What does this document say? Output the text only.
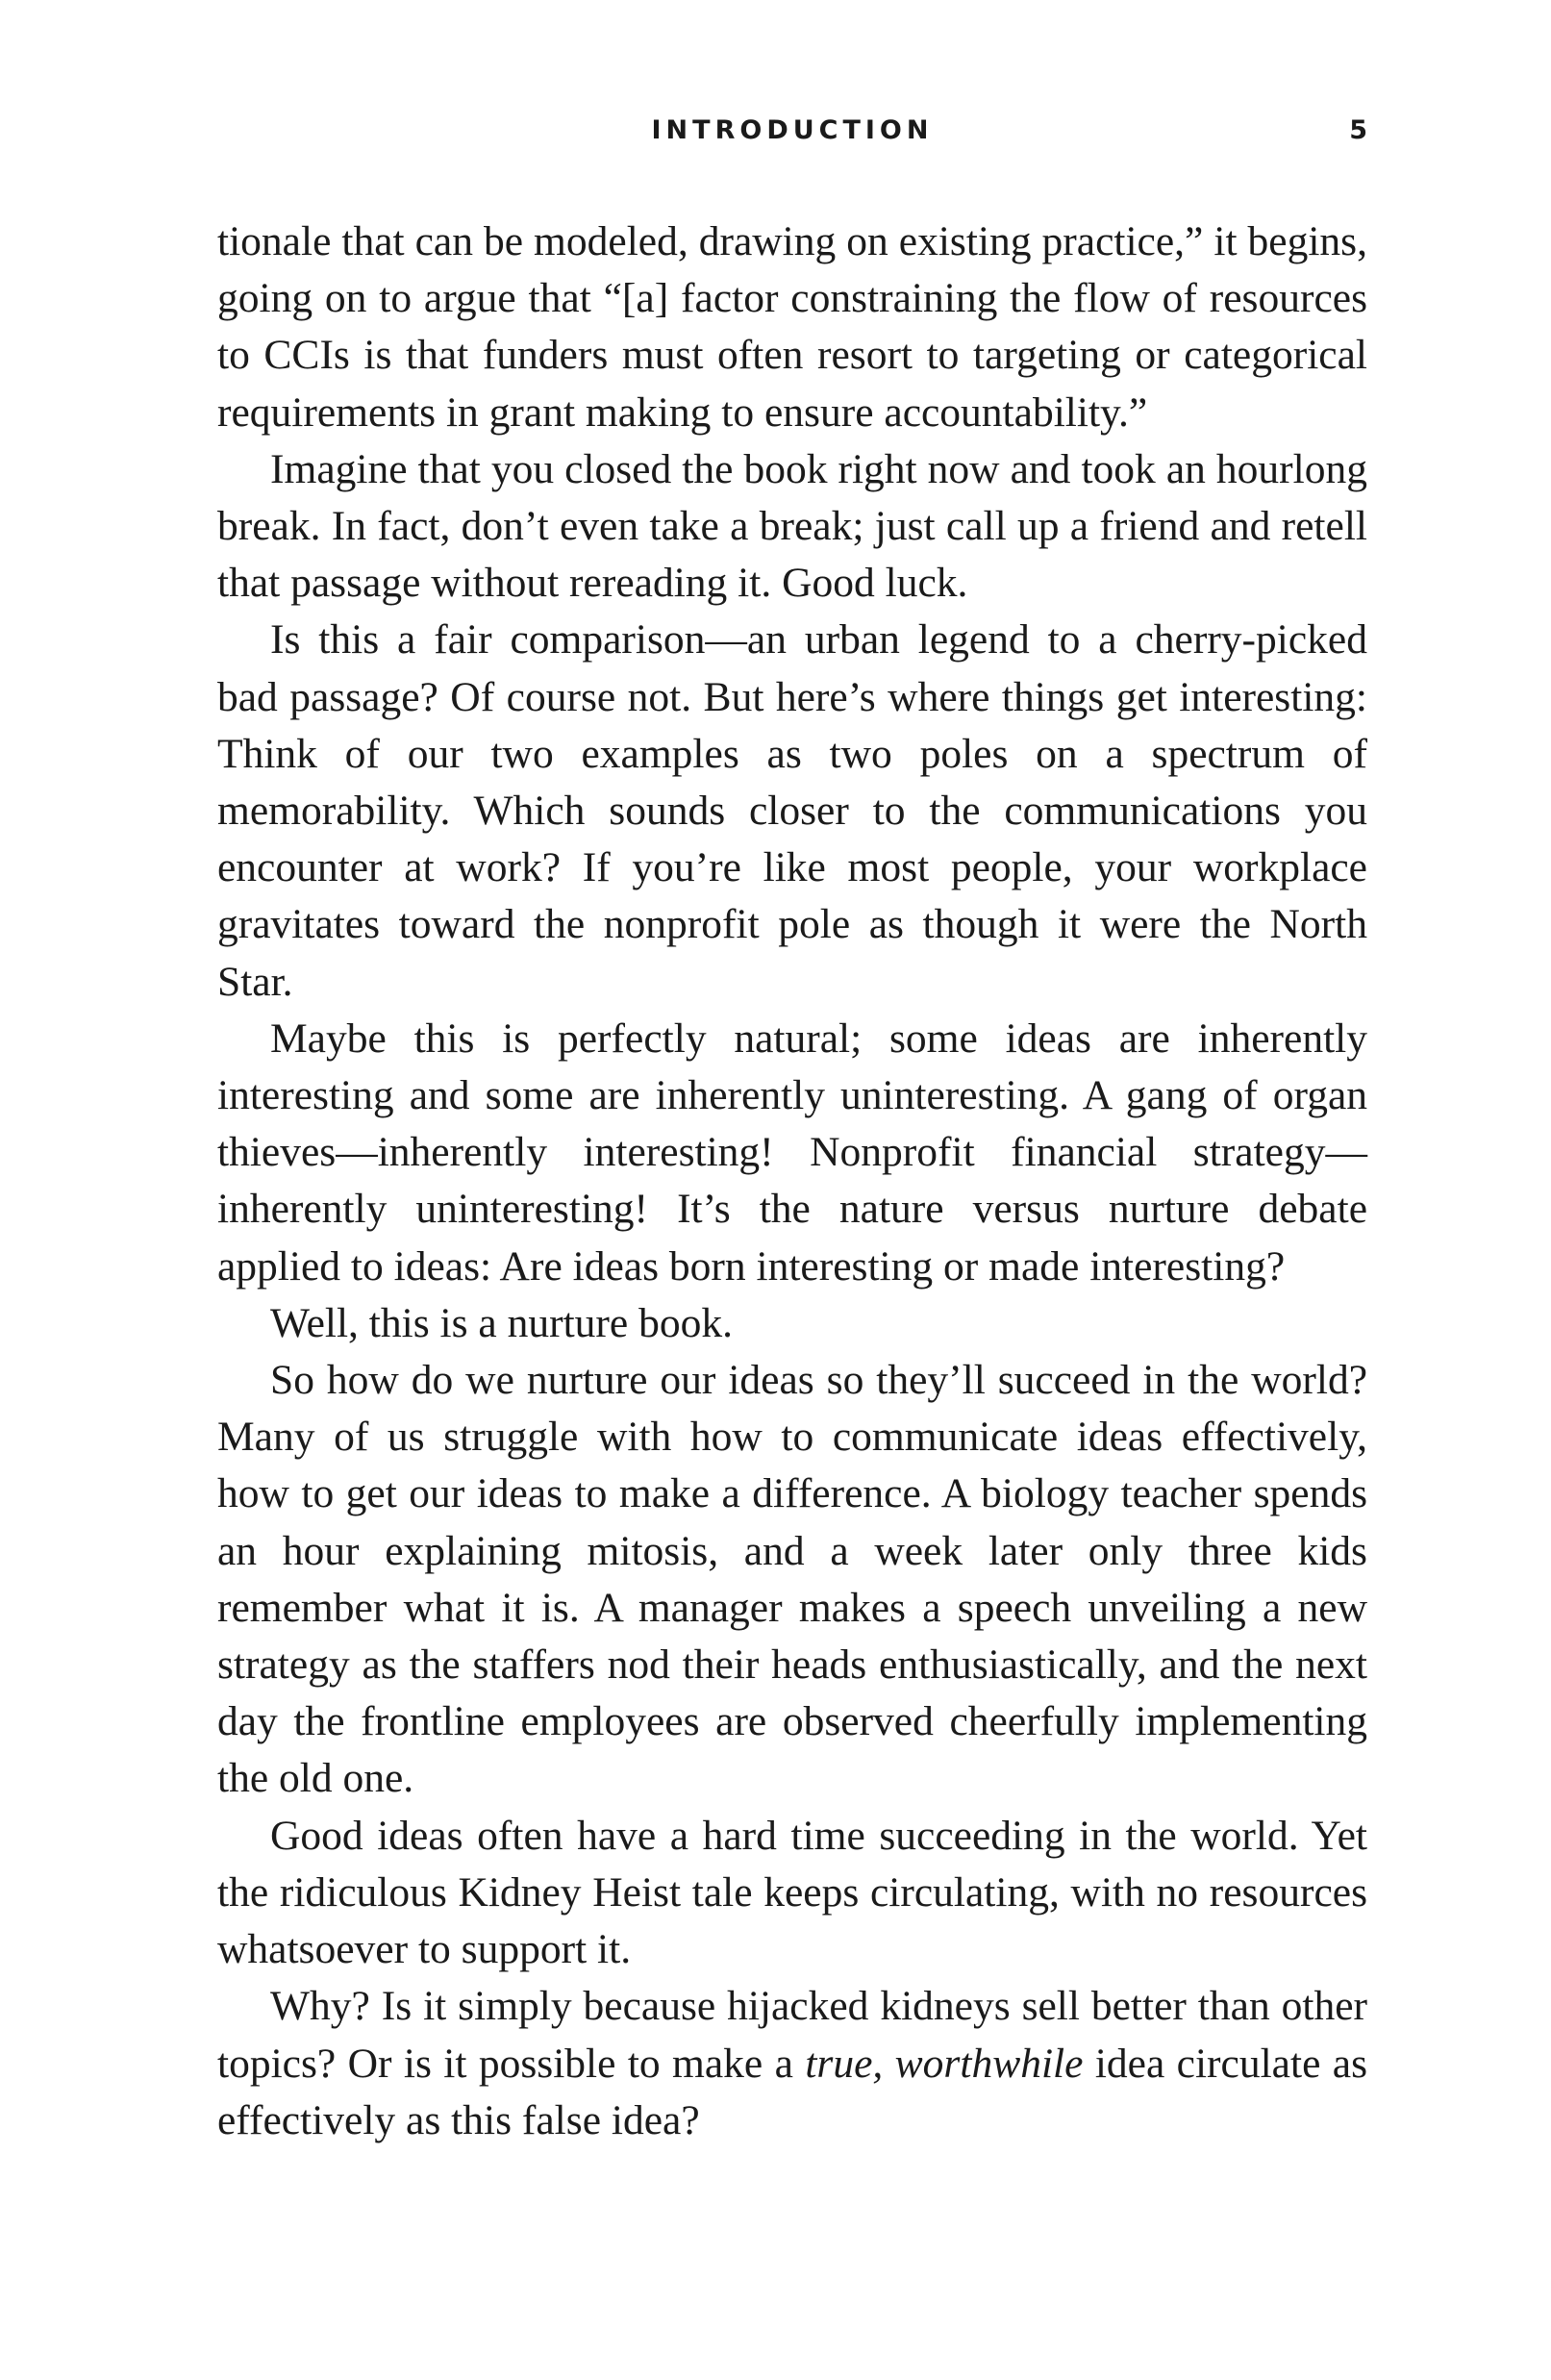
INTRODUCTION	5

tionale that can be modeled, drawing on existing practice,” it begins, going on to argue that “[a] factor constraining the flow of resources to CCIs is that funders must often resort to targeting or categorical requirements in grant making to ensure accountability.”

Imagine that you closed the book right now and took an hourlong break. In fact, don’t even take a break; just call up a friend and retell that passage without rereading it. Good luck.

Is this a fair comparison—an urban legend to a cherry-picked bad passage? Of course not. But here’s where things get interesting: Think of our two examples as two poles on a spectrum of memorability. Which sounds closer to the communications you encounter at work? If you’re like most people, your workplace gravitates toward the nonprofit pole as though it were the North Star.

Maybe this is perfectly natural; some ideas are inherently interesting and some are inherently uninteresting. A gang of organ thieves—inherently interesting! Nonprofit financial strategy—inherently uninteresting! It’s the nature versus nurture debate applied to ideas: Are ideas born interesting or made interesting?

Well, this is a nurture book.

So how do we nurture our ideas so they’ll succeed in the world? Many of us struggle with how to communicate ideas effectively, how to get our ideas to make a difference. A biology teacher spends an hour explaining mitosis, and a week later only three kids remember what it is. A manager makes a speech unveiling a new strategy as the staffers nod their heads enthusiastically, and the next day the frontline employees are observed cheerfully implementing the old one.

Good ideas often have a hard time succeeding in the world. Yet the ridiculous Kidney Heist tale keeps circulating, with no resources whatsoever to support it.

Why? Is it simply because hijacked kidneys sell better than other topics? Or is it possible to make a true, worthwhile idea circulate as effectively as this false idea?
